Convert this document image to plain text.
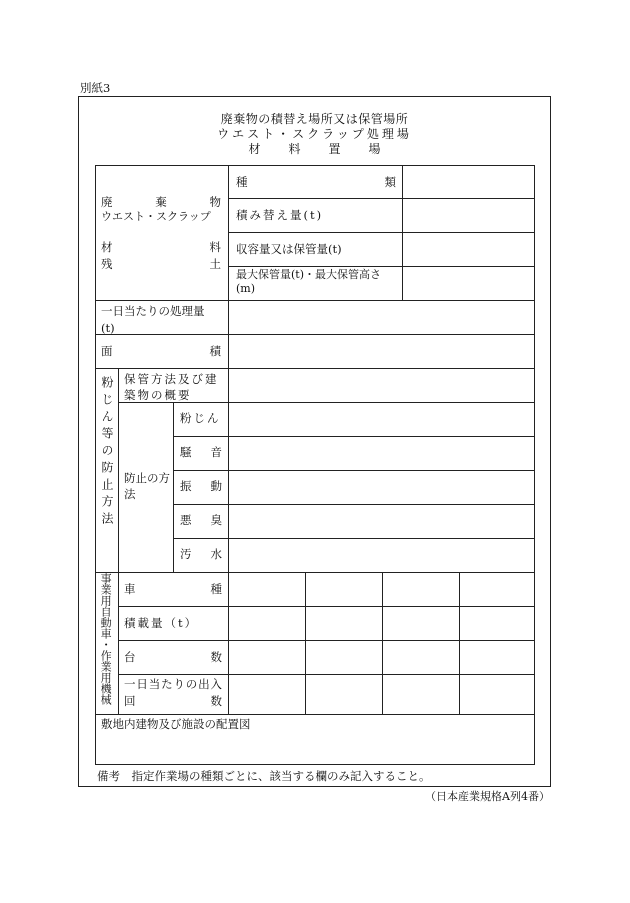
別紙3
廃棄物の積替え場所又は保管場所
ウエスト・スクラップ処理場
材料置場
廃棄物
ウエスト・スクラップ
材料
残土
種類
積み替え量(t)
収容量又は保管量(t)
最大保管量(t)・最大保管高さ(m)
一日当たりの処理量　(t)
面積
粉じん等の防止方法 保管方法及び建築物の概要
防止の方法
粉じん
騒音
振動
悪臭
汚水
事業用自動車・作業用機械 車種
積載量（t）
台数
一日当たりの出入回数
敷地内建物及び施設の配置図
備考　指定作業場の種類ごとに、該当する欄のみ記入すること。
（日本産業規格A列4番）
